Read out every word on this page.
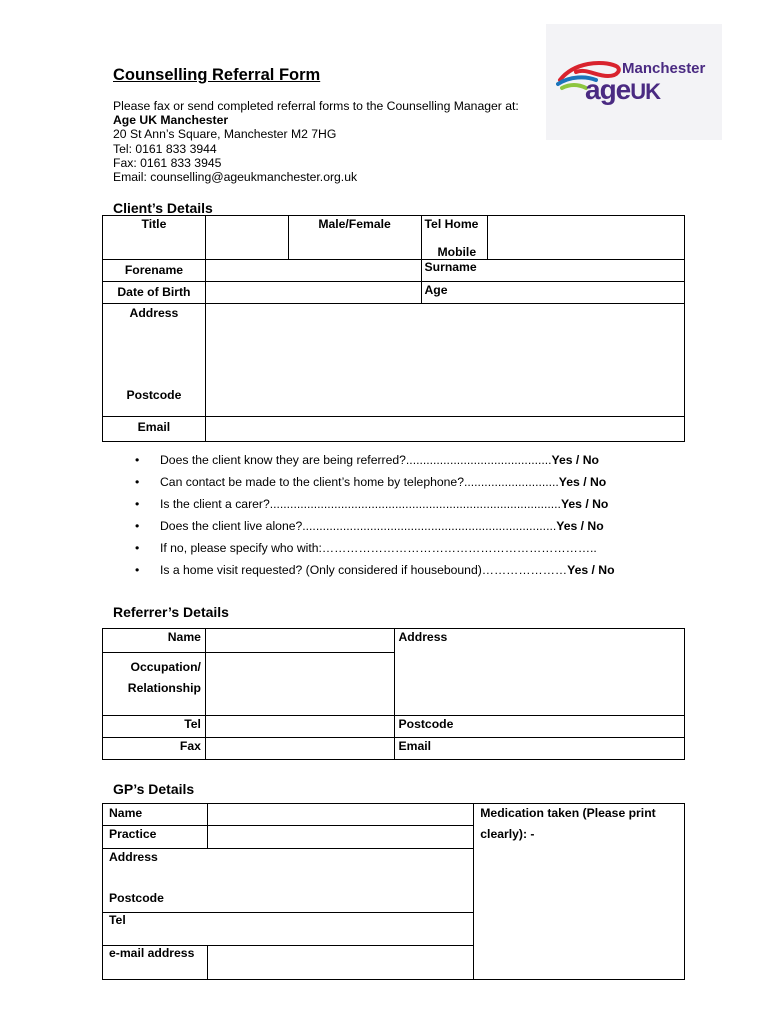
Counselling Referral Form
Please fax or send completed referral forms to the Counselling Manager at:
Age UK Manchester
20 St Ann’s Square, Manchester M2 7HG
Tel: 0161 833 3944
Fax: 0161 833 3945
Email: counselling@ageukmanchester.org.uk
Manchester
ageUK
Client’s Details
Title		Male/Female	Tel Home
Mobile	

Forename			Surname	

Date of Birth			Age	

Address
Postcode				

Email				

• Does the client know they are being referred?...........................................Yes / No
• Can contact be made to the client’s home by telephone?............................Yes / No
• Is the client a carer?......................................................................................Yes / No
• Does the client live alone?...........................................................................Yes / No
• If no, please specify who with:…………………………………………………………..
• Is a home visit requested? (Only considered if housebound)…………………Yes / No
Referrer’s Details
Name		Address

Occupation/
Relationship		

Tel		Postcode

Fax		Email
GP’s Details
Name		Medication taken (Please print
clearly): -

Practice		

Address
Postcode		

Tel		

e-mail address		
